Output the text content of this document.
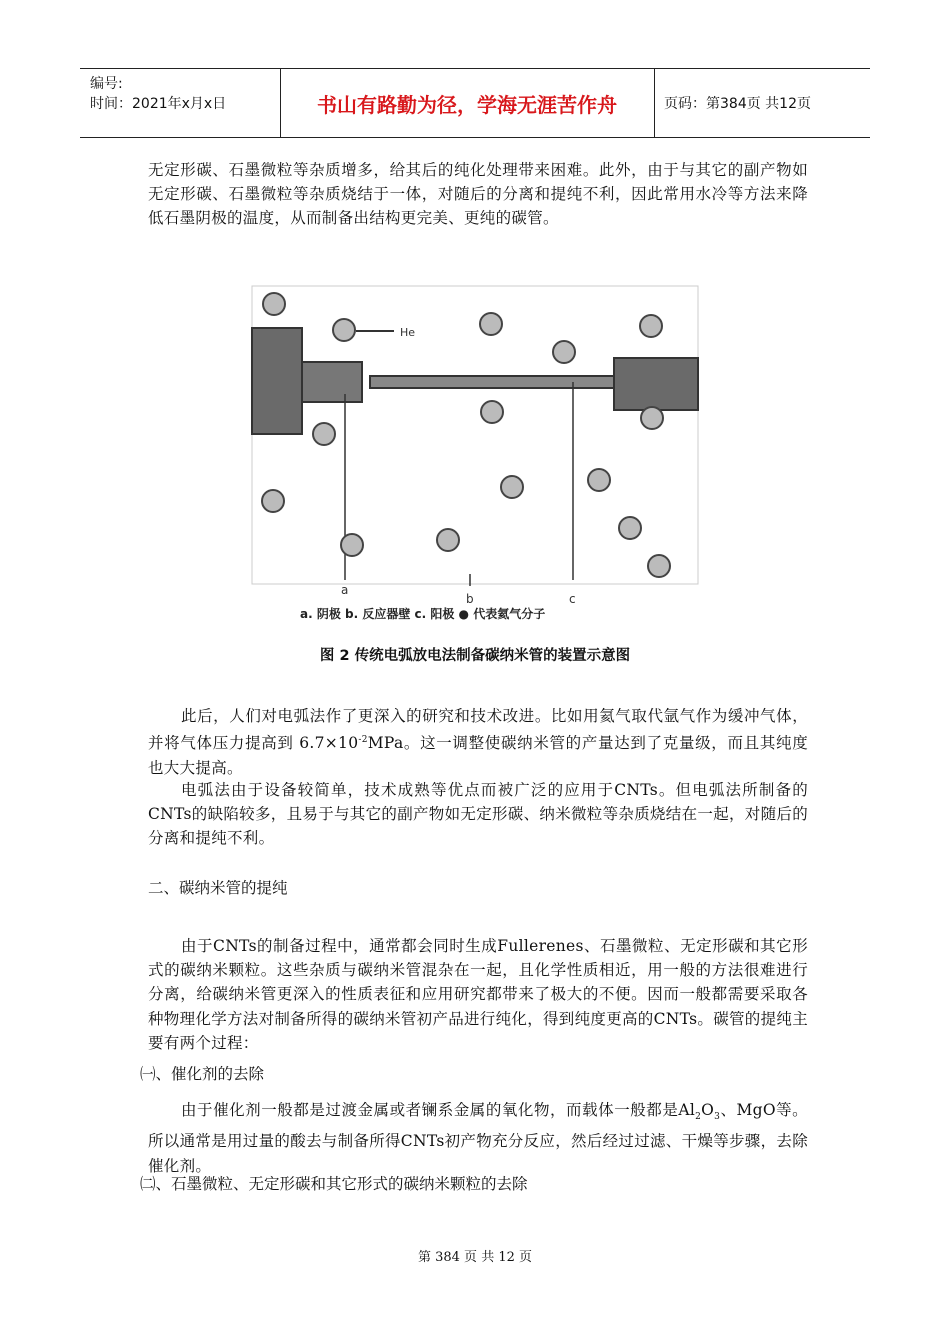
编号:
时间：2021年x月x日	书山有路勤为径，学海无涯苦作舟	页码：第384页 共12页

无定形碳、石墨微粒等杂质增多，给其后的纯化处理带来困难。此外，由于与其它的副产物如无定形碳、石墨微粒等杂质烧结于一体，对随后的分离和提纯不利，因此常用水冷等方法来降低石墨阴极的温度，从而制备出结构更完美、更纯的碳管。

He
a
b	c
a. 阴极 b. 反应器壁 c. 阳极 ● 代表氦气分子
图 2 传统电弧放电法制备碳纳米管的装置示意图

此后，人们对电弧法作了更深入的研究和技术改进。比如用氦气取代氩气作为缓冲气体，并将气体压力提高到 $6.7\times 10^{-2}MPa$。这一调整使碳纳米管的产量达到了克量级，而且其纯度也大大提高。

电弧法由于设备较简单，技术成熟等优点而被广泛的应用于CNTs。但电弧法所制备的CNTs的缺陷较多，且易于与其它的副产物如无定形碳、纳米微粒等杂质烧结在一起，对随后的分离和提纯不利。

二、碳纳米管的提纯

由于CNTs的制备过程中，通常都会同时生成Fullerenes、石墨微粒、无定形碳和其它形式的碳纳米颗粒。这些杂质与碳纳米管混杂在一起，且化学性质相近，用一般的方法很难进行分离，给碳纳米管更深入的性质表征和应用研究都带来了极大的不便。因而一般都需要采取各种物理化学方法对制备所得的碳纳米管初产品进行纯化，得到纯度更高的CNTs。碳管的提纯主要有两个过程：

㈠、催化剂的去除

由于催化剂一般都是过渡金属或者镧系金属的氧化物，而载体一般都是$Al_2O_3$、MgO等。所以通常是用过量的酸去与制备所得CNTs初产物充分反应，然后经过过滤、干燥等步骤，去除催化剂。

㈡、石墨微粒、无定形碳和其它形式的碳纳米颗粒的去除
第 384 页 共 12 页
